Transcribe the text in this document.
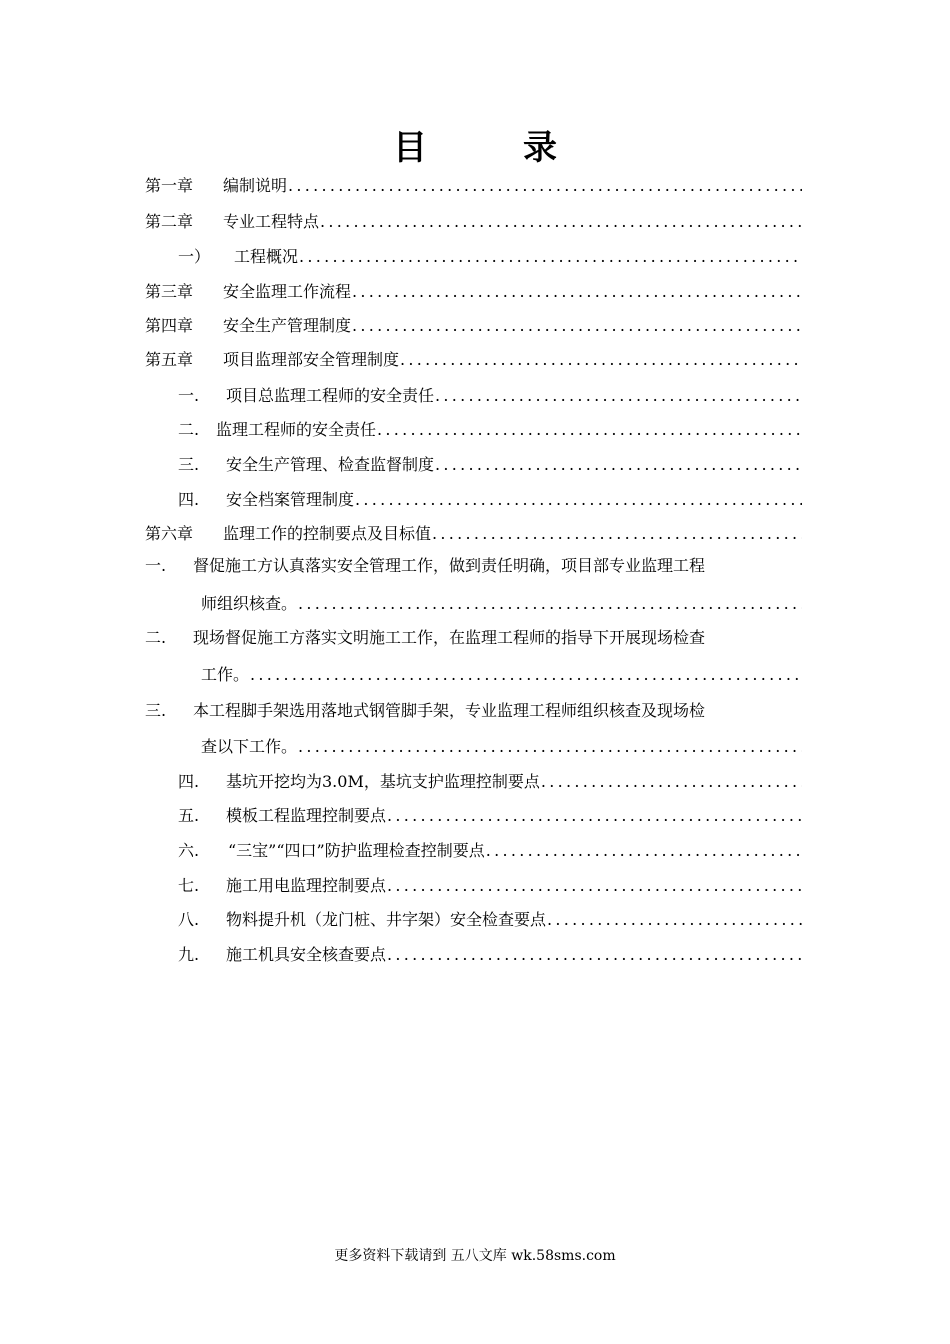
目	录
第一章	编制说明
. . .
第二章	专业工程特点
. . .
一）	工程概况
. . .
第三章	安全监理工作流程
. . .
第四章	安全生产管理制度
. . .
第五章	项目监理部安全管理制度
. . .
一.	项目总监理工程师的安全责任
. . .
二.	监理工程师的安全责任
. . .
三.	安全生产管理、检查监督制度
. . .
四.	安全档案管理制度
. . .
第六章	监理工作的控制要点及目标值
. . .
一.	督促施工方认真落实安全管理工作，做到责任明确，项目部专业监理工程
师组织核查。
. . .
二.	现场督促施工方落实文明施工工作，在监理工程师的指导下开展现场检查
工作。
. . .
三.	本工程脚手架选用落地式钢管脚手架，专业监理工程师组织核查及现场检
查以下工作。
. . .
四.	基坑开挖均为3.0M，基坑支护监理控制要点
. . .
五.	模板工程监理控制要点
. . .
六.	“三宝”“四口”防护监理检查控制要点
. . .
七.	施工用电监理控制要点
. . .
八.	物料提升机（龙门桩、井字架）安全检查要点
. . .
九.	施工机具安全核查要点
. . .
更多资料下载请到 五八文库 wk.58sms.com
